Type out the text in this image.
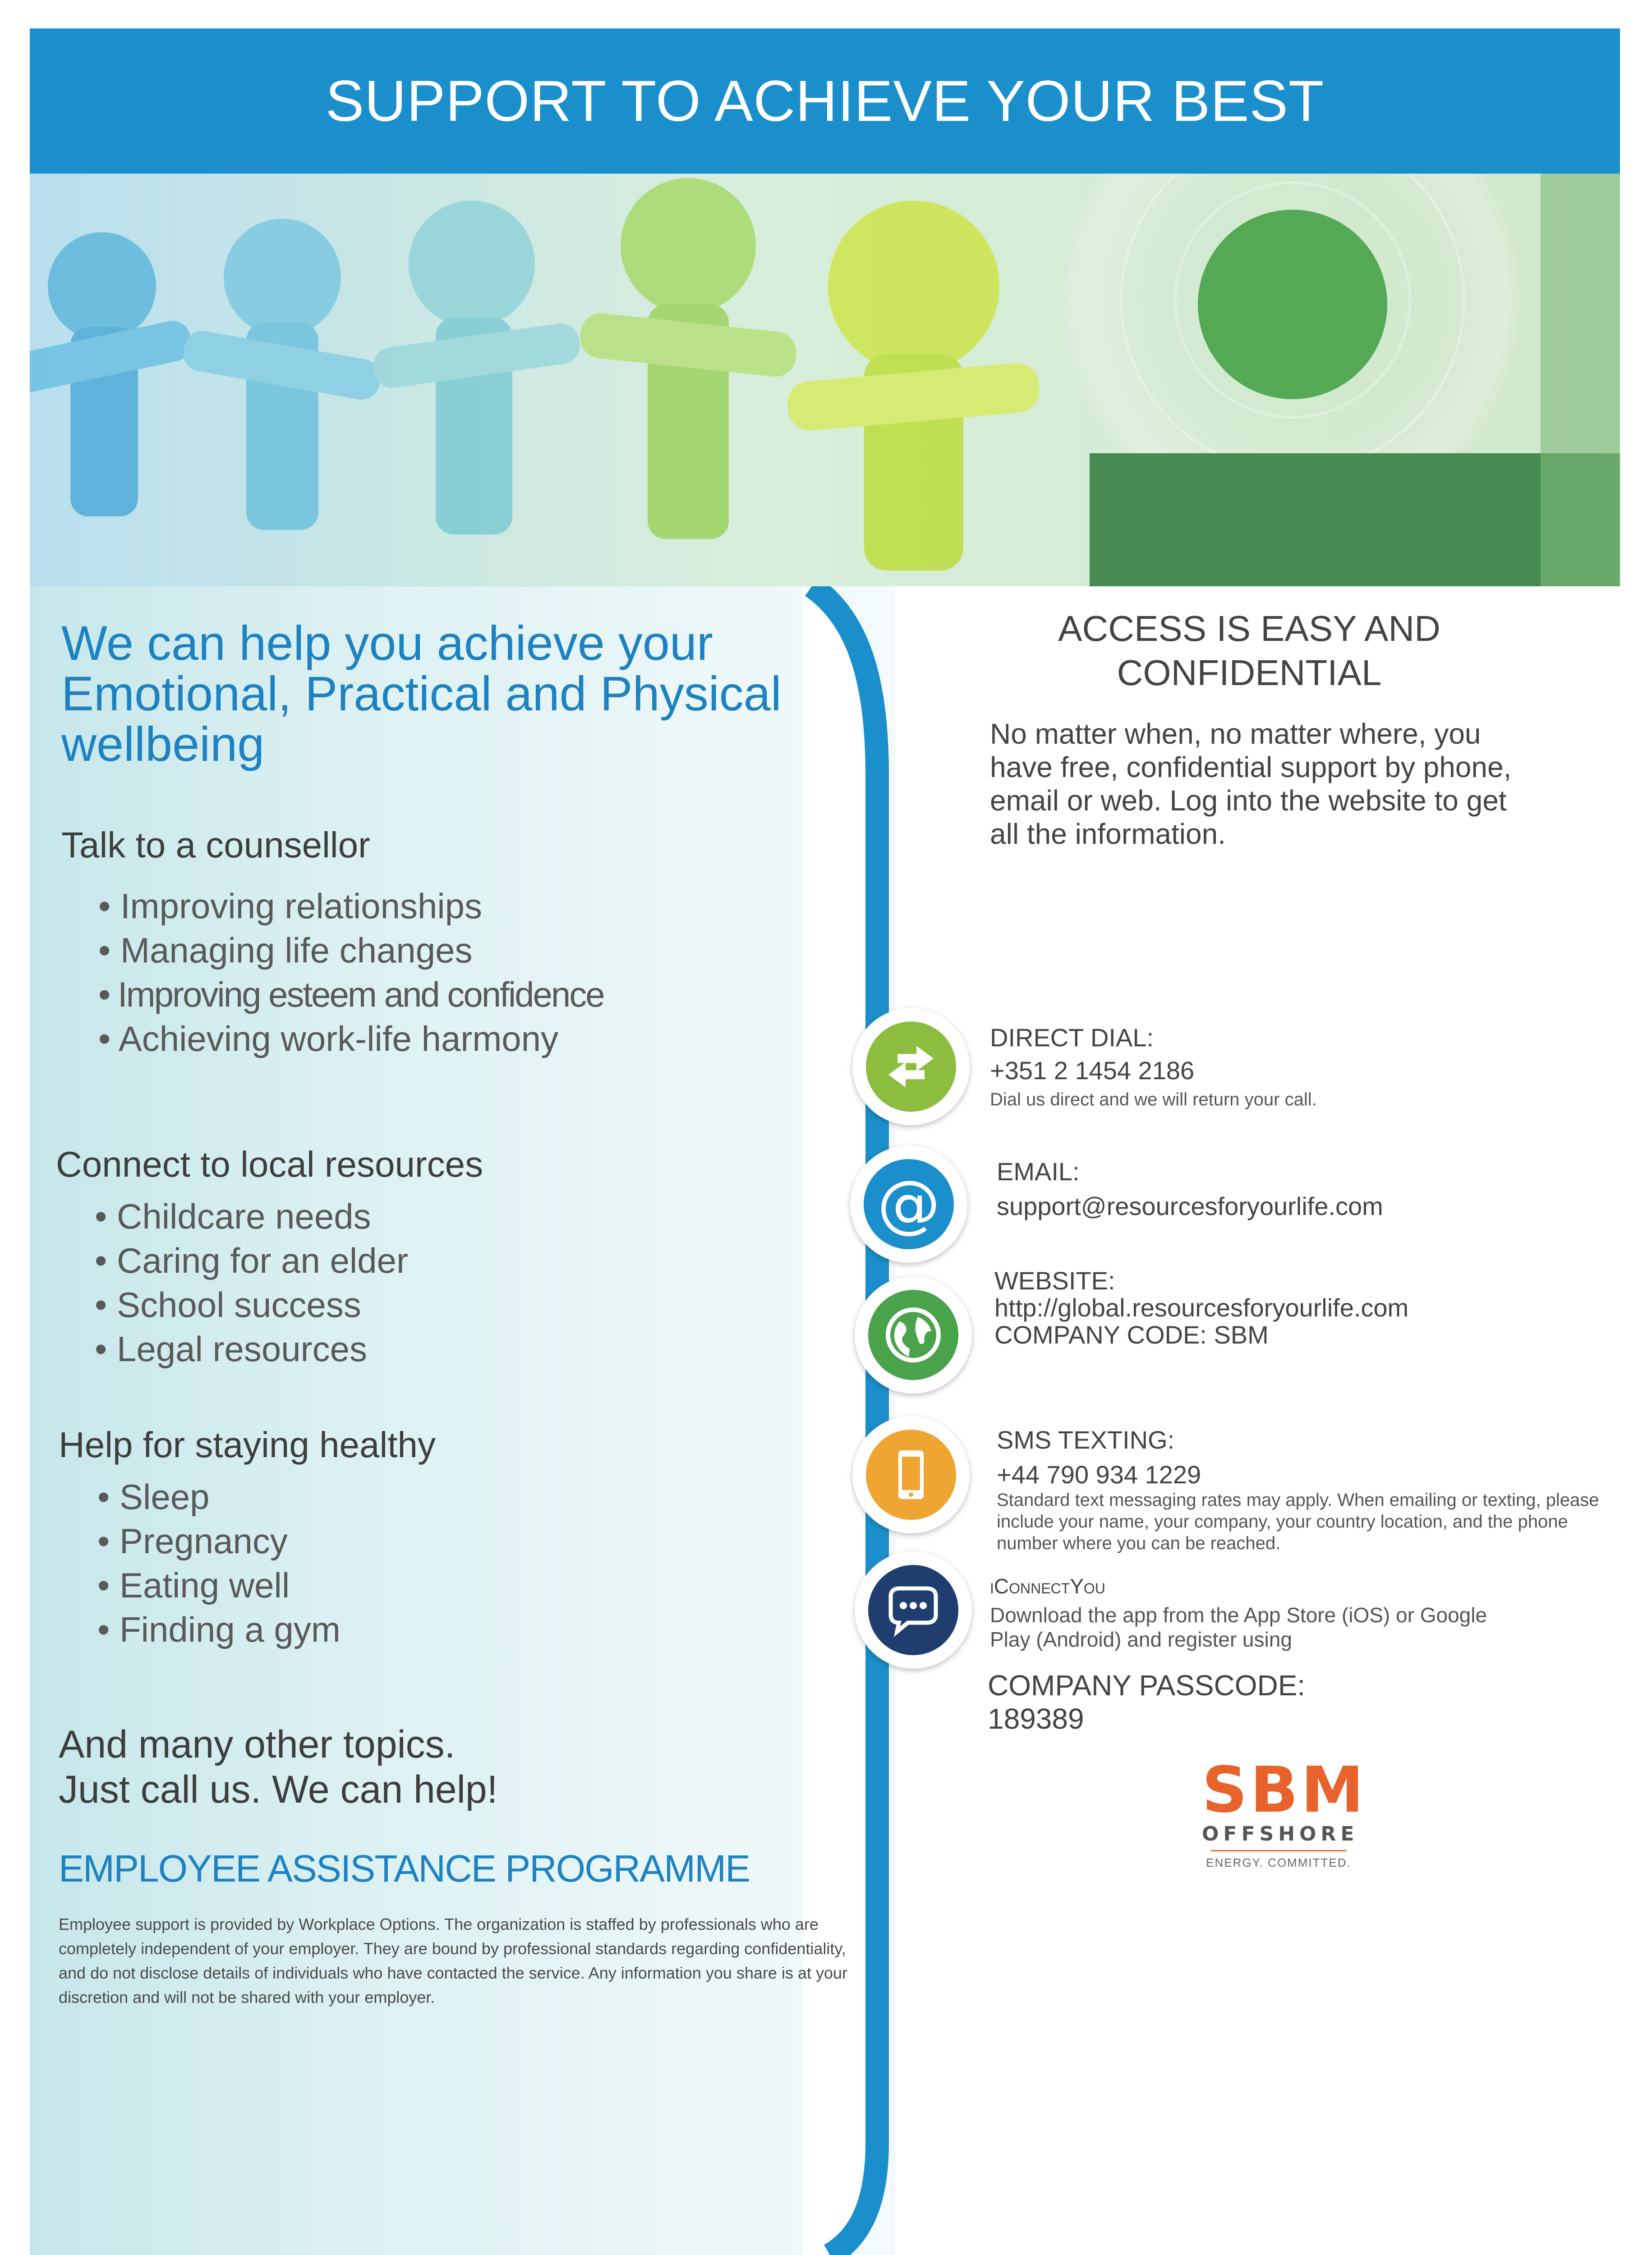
SUPPORT TO ACHIEVE YOUR BEST
We can help you achieve your Emotional, Practical and Physical wellbeing
Talk to a counsellor
• Improving relationships
• Managing life changes
• Improving esteem and confidence
• Achieving work-life harmony
Connect to local resources
• Childcare needs
• Caring for an elder
• School success
• Legal resources
Help for staying healthy
• Sleep
• Pregnancy
• Eating well
• Finding a gym
And many other topics.
Just call us. We can help!
EMPLOYEE ASSISTANCE PROGRAMME
Employee support is provided by Workplace Options. The organization is staffed by professionals who are completely independent of your employer. They are bound by professional standards regarding confidentiality, and do not disclose details of individuals who have contacted the service. Any information you share is at your discretion and will not be shared with your employer.
ACCESS IS EASY AND CONFIDENTIAL
No matter when, no matter where, you have free, confidential support by phone, email or web. Log into the website to get all the information.
DIRECT DIAL:
+351 2 1454 2186
Dial us direct and we will return your call.
@ EMAIL:
support@resourcesforyourlife.com
WEBSITE:
http://global.resourcesforyourlife.com
COMPANY CODE: SBM
SMS TEXTING:
+44 790 934 1229
Standard text messaging rates may apply. When emailing or texting, please include your name, your company, your country location, and the phone number where you can be reached.
iConnectYou
Download the app from the App Store (iOS) or Google Play (Android) and register using
COMPANY PASSCODE:
189389
SBM
OFFSHORE
ENERGY. COMMITTED.
